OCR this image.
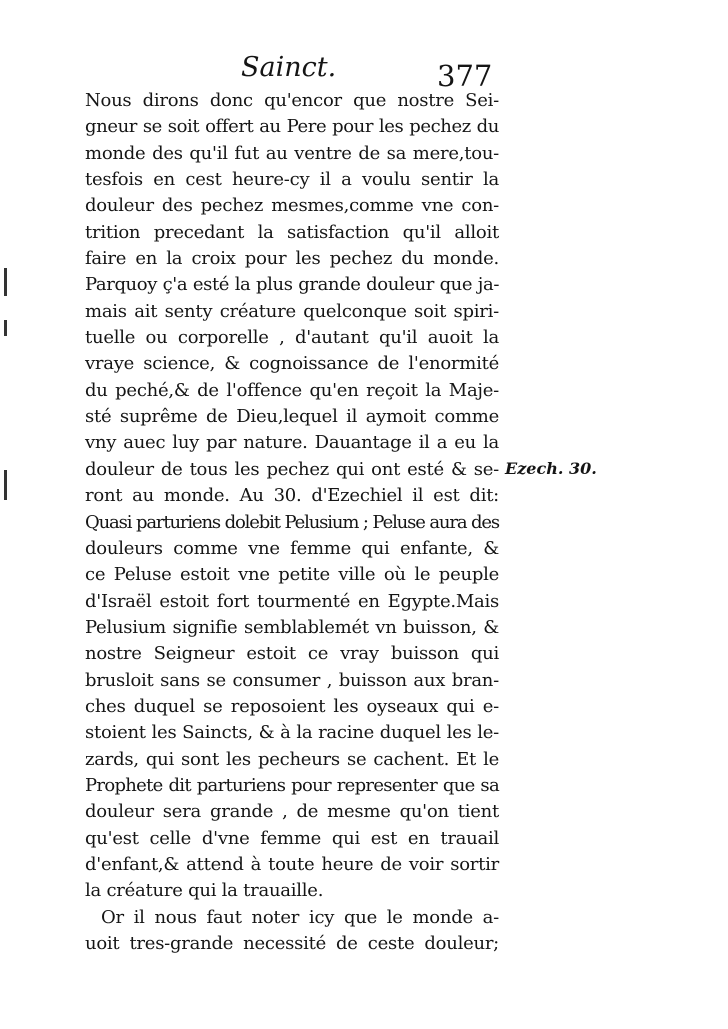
Sainct.	377
Nous dirons donc qu'encor que nostre Sei-
gneur se soit offert au Pere pour les pechez du
monde des qu'il fut au ventre de sa mere,tou-
tesfois en cest heure-cy il a voulu sentir la
douleur des pechez mesmes,comme vne con-
trition precedant la satisfaction qu'il alloit
faire en la croix pour les pechez du monde.
Parquoy ç'a esté la plus grande douleur que ja-
mais ait senty créature quelconque soit spiri-
tuelle ou corporelle , d'autant qu'il auoit la
vraye science, & cognoissance de l'enormité
du peché,& de l'offence qu'en reçoit la Maje-
sté suprême de Dieu,lequel il aymoit comme
vny auec luy par nature. Dauantage il a eu la
douleur de tous les pechez qui ont esté & se-
ront au monde. Au 30. d'Ezechiel il est dit:
Quasi parturiens dolebit Pelusium ; Peluse aura des
douleurs comme vne femme qui enfante, &
ce Peluse estoit vne petite ville où le peuple
d'Israël estoit fort tourmenté en Egypte.Mais
Pelusium signifie semblablemét vn buisson, &
nostre Seigneur estoit ce vray buisson qui
brusloit sans se consumer , buisson aux bran-
ches duquel se reposoient les oyseaux qui e-
stoient les Saincts, & à la racine duquel les le-
zards, qui sont les pecheurs se cachent. Et le
Prophete dit parturiens pour representer que sa
douleur sera grande , de mesme qu'on tient
qu'est celle d'vne femme qui est en trauail
d'enfant,& attend à toute heure de voir sortir
la créature qui la trauaille.
Or il nous faut noter icy que le monde a-
uoit tres-grande necessité de ceste douleur;
Ezech. 30.
